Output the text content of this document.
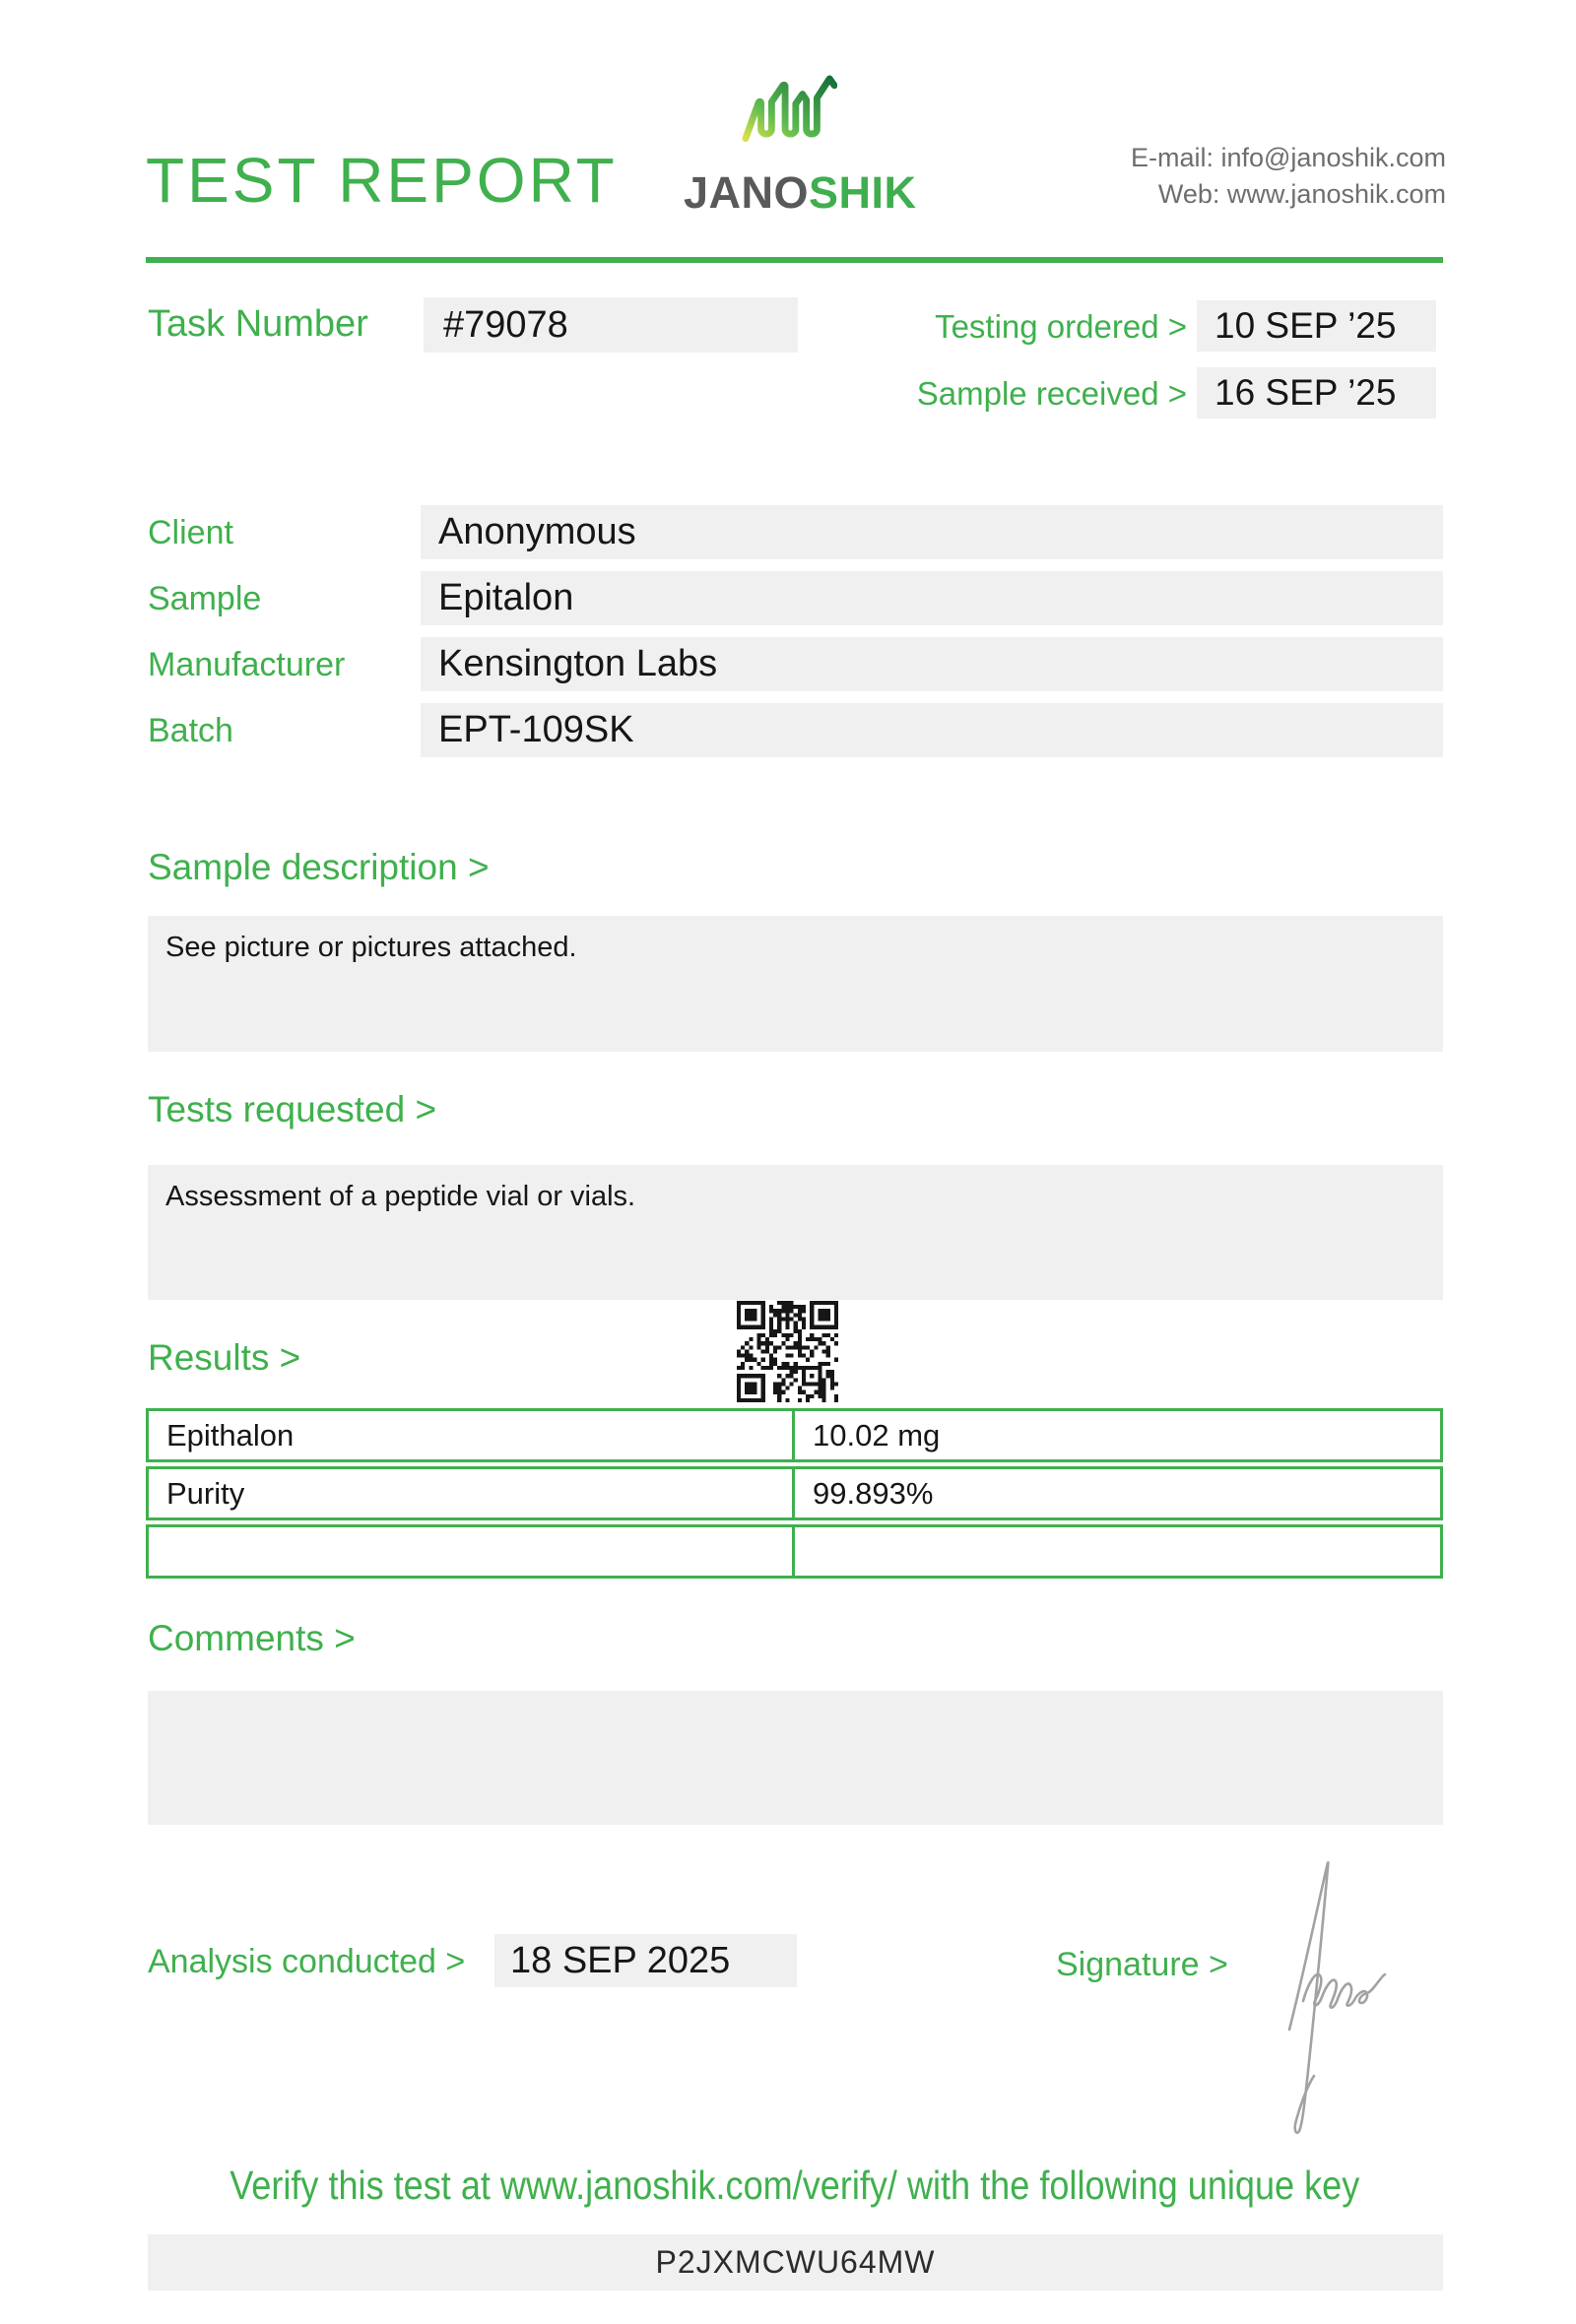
TEST REPORT JANOSHIK
E-mail: info@janoshik.com
Web: www.janoshik.com
Task Number	#79078	Testing ordered > 10 SEP ’25
Sample received > 16 SEP ’25
Client	Anonymous
Sample	Epitalon
Manufacturer	Kensington Labs
Batch	EPT-109SK
Sample description >
See picture or pictures attached.
Tests requested >
Assessment of a peptide vial or vials.
Results >
Epithalon	10.02 mg
Purity	99.893%
Comments >
Analysis conducted >	18 SEP 2025	Signature >
Verify this test at www.janoshik.com/verify/ with the following unique key
P2JXMCWU64MW
